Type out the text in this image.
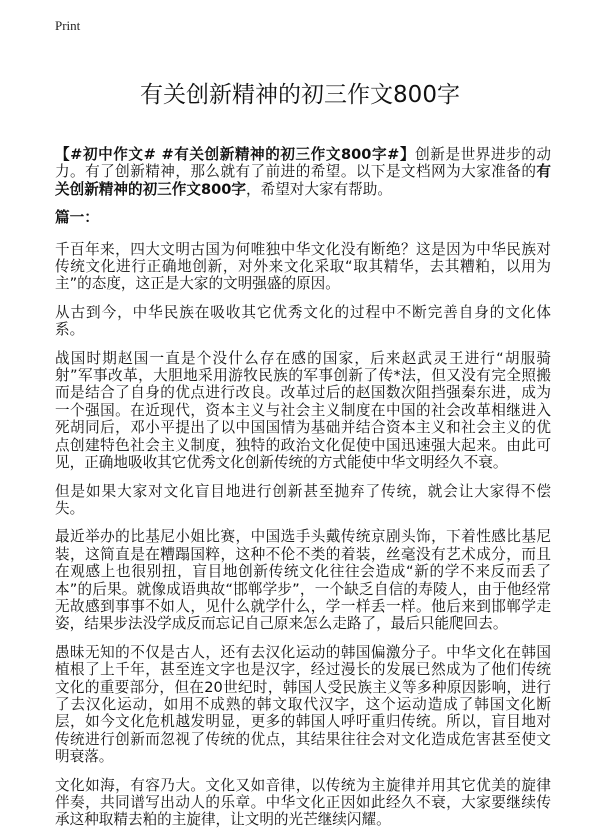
Print
有关创新精神的初三作文800字

【#初中作文# #有关创新精神的初三作文800字#】创新是世界进步的动力。有了创新精神，那么就有了前进的希望。以下是文档网为大家准备的有关创新精神的初三作文800字，希望对大家有帮助。

篇一：

千百年来，四大文明古国为何唯独中华文化没有断绝？这是因为中华民族对传统文化进行正确地创新，对外来文化采取“取其精华，去其糟粕，以用为主”的态度，这正是大家的文明强盛的原因。

从古到今，中华民族在吸收其它优秀文化的过程中不断完善自身的文化体系。

战国时期赵国一直是个没什么存在感的国家，后来赵武灵王进行“胡服骑射”军事改革，大胆地采用游牧民族的军事创新了传*法，但又没有完全照搬而是结合了自身的优点进行改良。改革过后的赵国数次阻挡强秦东进，成为一个强国。在近现代，资本主义与社会主义制度在中国的社会改革相继进入死胡同后，邓小平提出了以中国国情为基础并结合资本主义和社会主义的优点创建特色社会主义制度，独特的政治文化促使中国迅速强大起来。由此可见，正确地吸收其它优秀文化创新传统的方式能使中华文明经久不衰。

但是如果大家对文化盲目地进行创新甚至抛弃了传统，就会让大家得不偿失。

最近举办的比基尼小姐比赛，中国选手头戴传统京剧头饰，下着性感比基尼装，这简直是在糟蹋国粹，这种不伦不类的着装，丝毫没有艺术成分，而且在观感上也很别扭，盲目地创新传统文化往往会造成“新的学不来反而丢了本”的后果。就像成语典故“邯郸学步”，一个缺乏自信的寿陵人，由于他经常无故感到事事不如人，见什么就学什么，学一样丢一样。他后来到邯郸学走姿，结果步法没学成反而忘记自己原来怎么走路了，最后只能爬回去。

愚昧无知的不仅是古人，还有去汉化运动的韩国偏激分子。中华文化在韩国植根了上千年，甚至连文字也是汉字，经过漫长的发展已然成为了他们传统文化的重要部分，但在20世纪时，韩国人受民族主义等多种原因影响，进行了去汉化运动，如用不成熟的韩文取代汉字，这个运动造成了韩国文化断层，如今文化危机越发明显，更多的韩国人呼吁重归传统。所以，盲目地对传统进行创新而忽视了传统的优点，其结果往往会对文化造成危害甚至使文明衰落。

文化如海，有容乃大。文化又如音律，以传统为主旋律并用其它优美的旋律伴奏，共同谱写出动人的乐章。中华文化正因如此经久不衰，大家要继续传承这种取精去粕的主旋律，让文明的光芒继续闪耀。
